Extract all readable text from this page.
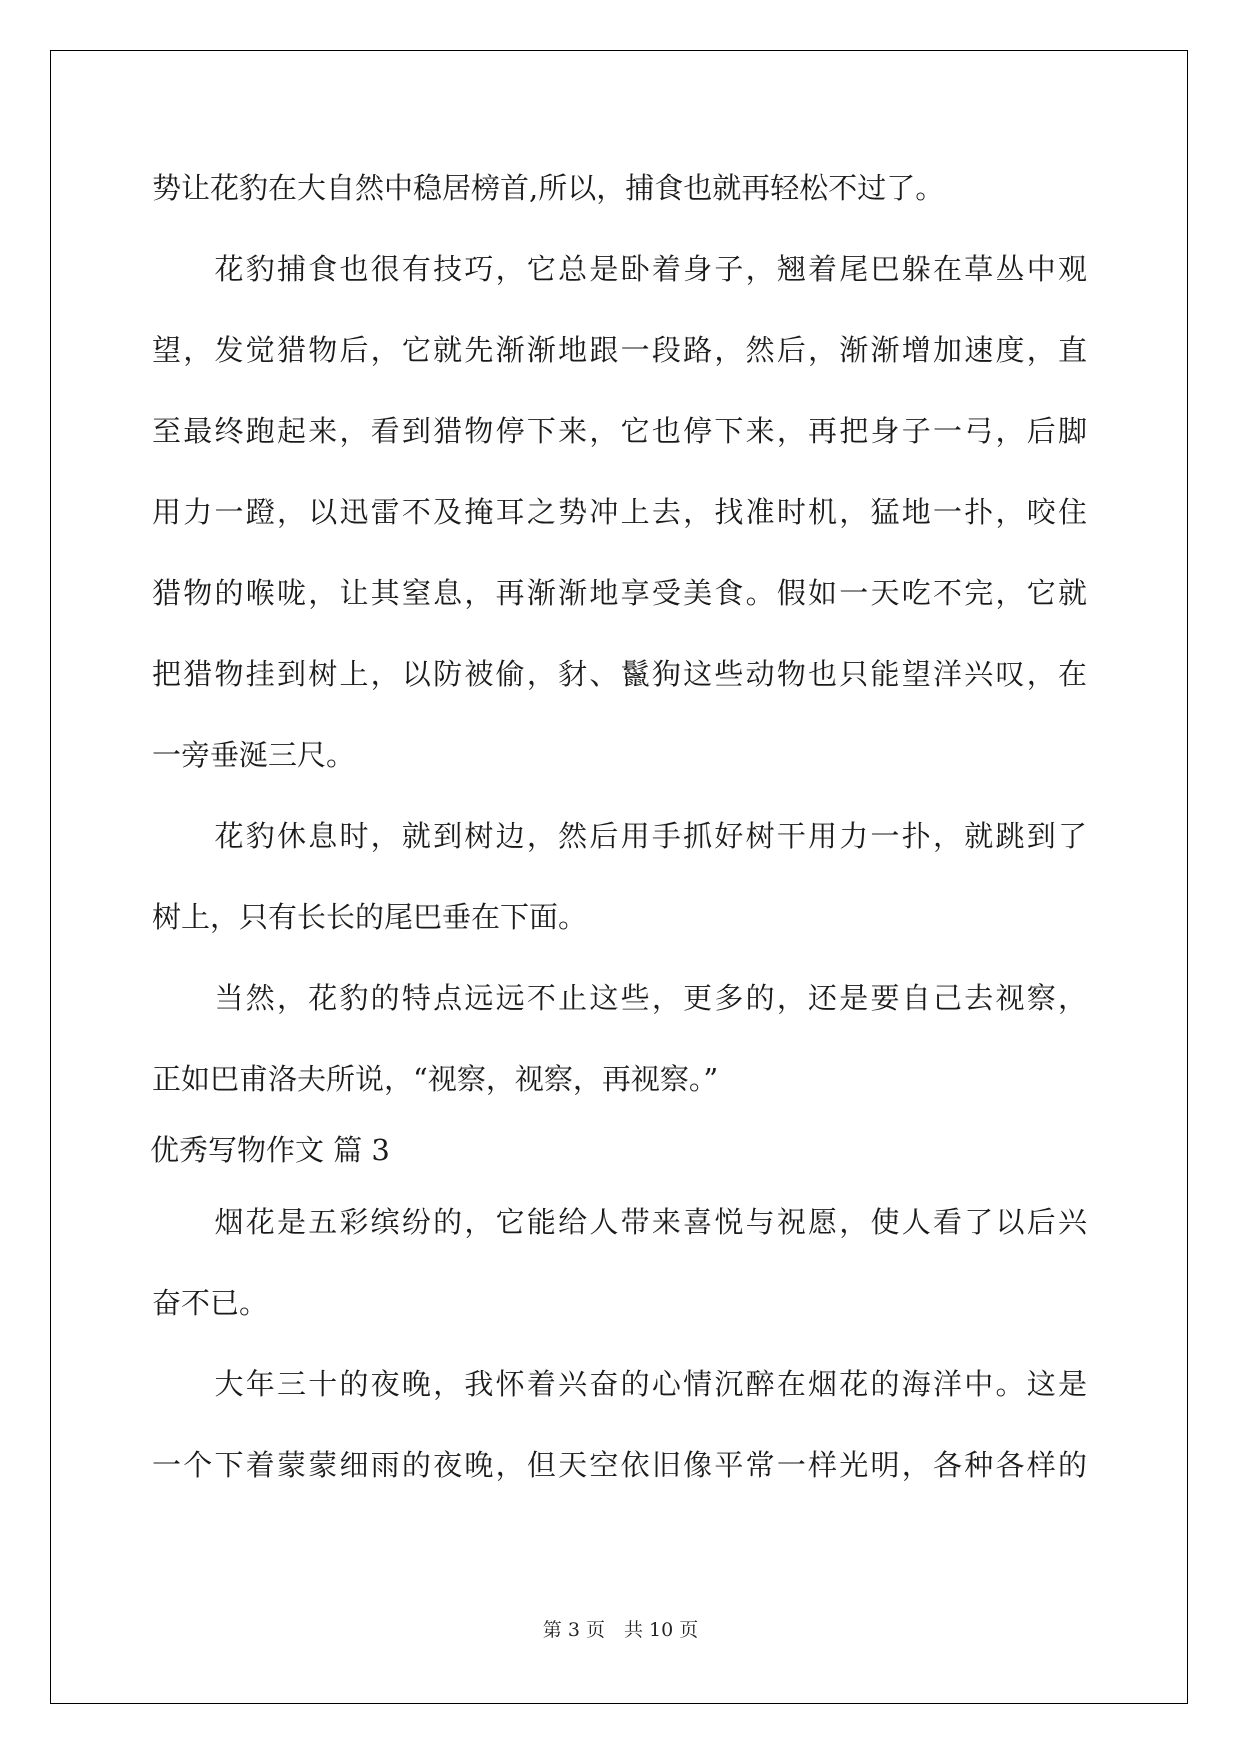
势让花豹在大自然中稳居榜首,所以，捕食也就再轻松不过了。

　　花豹捕食也很有技巧，它总是卧着身子，翘着尾巴躲在草丛中观

望，发觉猎物后，它就先渐渐地跟一段路，然后，渐渐增加速度，直

至最终跑起来，看到猎物停下来，它也停下来，再把身子一弓，后脚

用力一蹬，以迅雷不及掩耳之势冲上去，找准时机，猛地一扑，咬住

猎物的喉咙，让其窒息，再渐渐地享受美食。假如一天吃不完，它就

把猎物挂到树上，以防被偷，豺、鬣狗这些动物也只能望洋兴叹，在

一旁垂涎三尺。

　　花豹休息时，就到树边，然后用手抓好树干用力一扑，就跳到了

树上，只有长长的尾巴垂在下面。

　　当然，花豹的特点远远不止这些，更多的，还是要自己去视察，

正如巴甫洛夫所说，“视察，视察，再视察。”

优秀写物作文 篇 3

　　烟花是五彩缤纷的，它能给人带来喜悦与祝愿，使人看了以后兴

奋不已。

　　大年三十的夜晚，我怀着兴奋的心情沉醉在烟花的海洋中。这是

一个下着蒙蒙细雨的夜晚，但天空依旧像平常一样光明，各种各样的

第 3 页　共 10 页
